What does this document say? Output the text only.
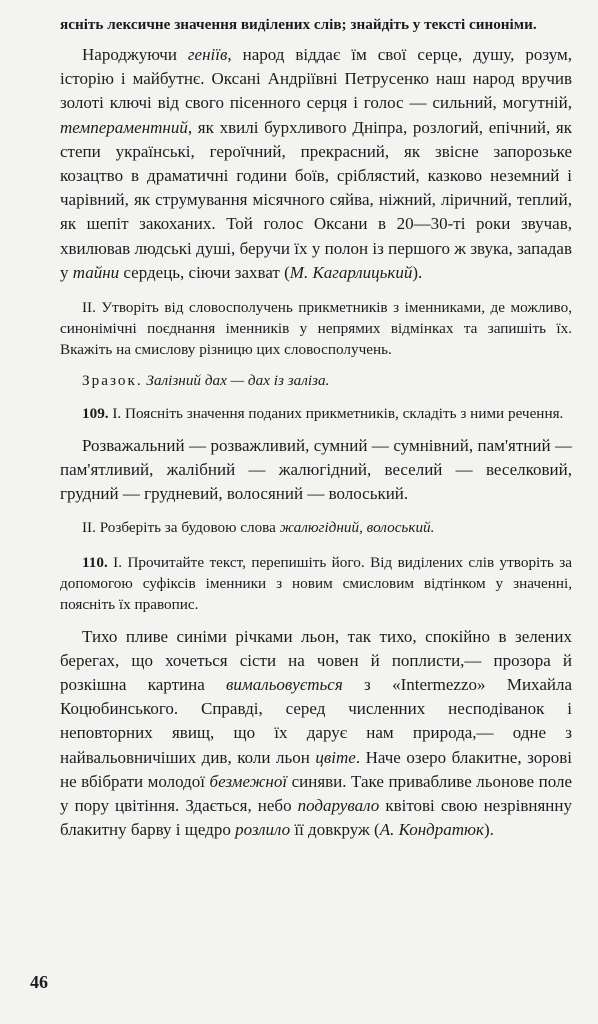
ясніть лексичне значення виділених слів; знайдіть у тексті синоніми.

Народжуючи геніїв, народ віддає їм свої серце, душу, розум, історію і майбутнє. Оксані Андріївні Петрусенко наш народ вручив золоті ключі від свого пісенного серця і голос — сильний, могутній, темпераментний, як хвилі бурхливого Дніпра, розлогий, епічний, як степи українські, героїчний, прекрасний, як звісне запорозьке козацтво в драматичні години боїв, сріблястий, казково неземний і чарівний, як струмування місячного сяйва, ніжний, ліричний, теплий, як шепіт закоханих. Той голос Оксани в 20—30-ті роки звучав, хвилював людські душі, беручи їх у полон із першого ж звука, западав у тайни сердець, сіючи захват (М. Кагарлицький).

II. Утворіть від словосполучень прикметників з іменниками, де можливо, синонімічні поєднання іменників у непрямих відмінках та запишіть їх. Вкажіть на смислову різницю цих словосполучень.

Зразок. Залізний дах — дах із заліза.

109. I. Поясніть значення поданих прикметників, складіть з ними речення.

Розважальний — розважливий, сумний — сумнівний, пам'ятний — пам'ятливий, жалібний — жалюгідний, веселий — веселковий, грудний — грудневий, волосяний — волоський.

II. Розберіть за будовою слова жалюгідний, волоський.

110. I. Прочитайте текст, перепишіть його. Від виділених слів утворіть за допомогою суфіксів іменники з новим смисловим відтінком у значенні, поясніть їх правопис.

Тихо пливе синіми річками льон, так тихо, спокійно в зелених берегах, що хочеться сісти на човен й поплисти,— прозора й розкішна картина вимальовується з «Intermezzo» Михайла Коцюбинського. Справді, серед численних несподіванок і неповторних явищ, що їх дарує нам природа,— одне з найвальовничіших див, коли льон цвіте. Наче озеро блакитне, зорові не вбібрати молодої безмежної синяви. Таке привабливе льонове поле у пору цвітіння. Здається, небо подарувало квітові свою незрівнянну блакитну барву і щедро розлило її довкруж (А. Кондратюк).

46
